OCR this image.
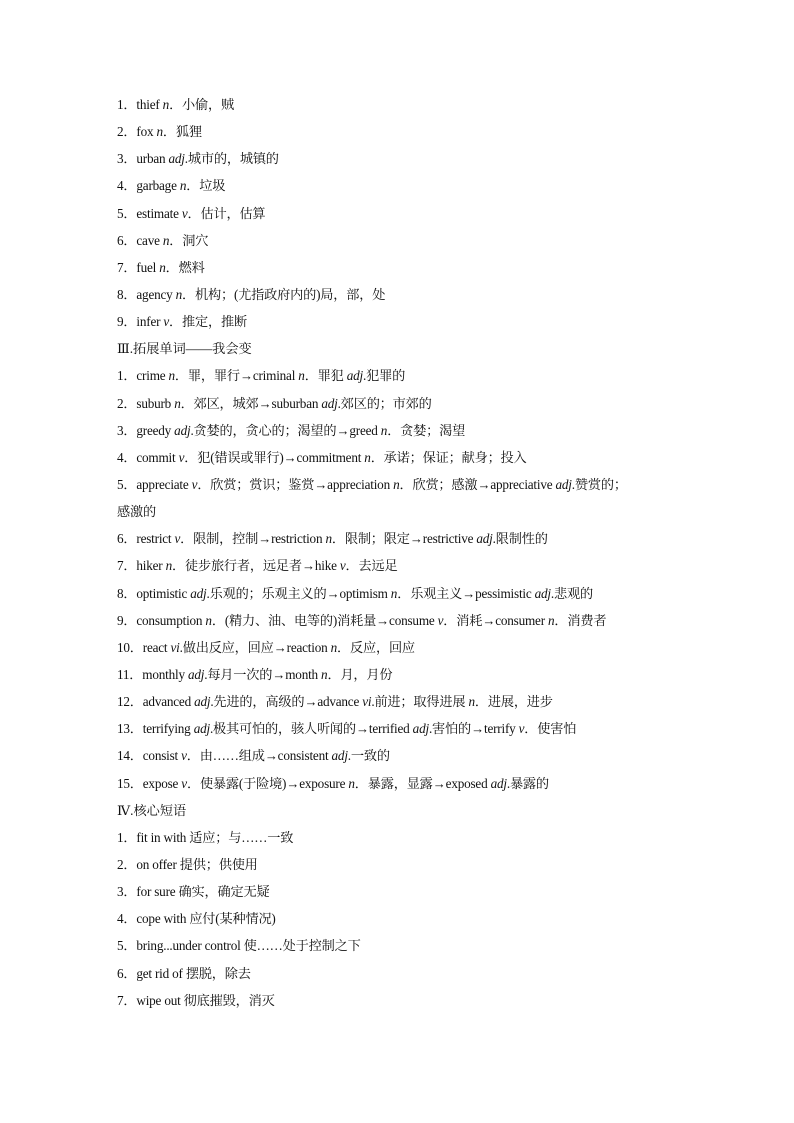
1．thief n．小偷，贼
2．fox n．狐狸
3．urban adj.城市的，城镇的
4．garbage n．垃圾
5．estimate v．估计，估算
6．cave n．洞穴
7．fuel n．燃料
8．agency n．机构；(尤指政府内的)局，部，处
9．infer v．推定，推断
Ⅲ.拓展单词——我会变
1．crime n．罪，罪行→criminal n．罪犯 adj.犯罪的
2．suburb n．郊区，城郊→suburban adj.郊区的；市郊的
3．greedy adj.贪婪的，贪心的；渴望的→greed n．贪婪；渴望
4．commit v．犯(错误或罪行)→commitment n．承诺；保证；献身；投入
5．appreciate v．欣赏；赏识；鉴赏→appreciation n．欣赏；感激→appreciative adj.赞赏的；
感激的
6．restrict v．限制，控制→restriction n．限制；限定→restrictive adj.限制性的
7．hiker n．徒步旅行者，远足者→hike v．去远足
8．optimistic adj.乐观的；乐观主义的→optimism n．乐观主义→pessimistic adj.悲观的
9．consumption n．(精力、油、电等的)消耗量→consume v．消耗→consumer n．消费者
10．react vi.做出反应，回应→reaction n．反应，回应
11．monthly adj.每月一次的→month n．月，月份
12．advanced adj.先进的，高级的→advance vi.前进；取得进展 n．进展，进步
13．terrifying adj.极其可怕的，骇人听闻的→terrified adj.害怕的→terrify v．使害怕
14．consist v．由……组成→consistent adj.一致的
15．expose v．使暴露(于险境)→exposure n．暴露，显露→exposed adj.暴露的
Ⅳ.核心短语
1．fit in with 适应；与……一致
2．on offer 提供；供使用
3．for sure 确实，确定无疑
4．cope with 应付(某种情况)
5．bring...under control 使……处于控制之下
6．get rid of 摆脱，除去
7．wipe out 彻底摧毁，消灭
